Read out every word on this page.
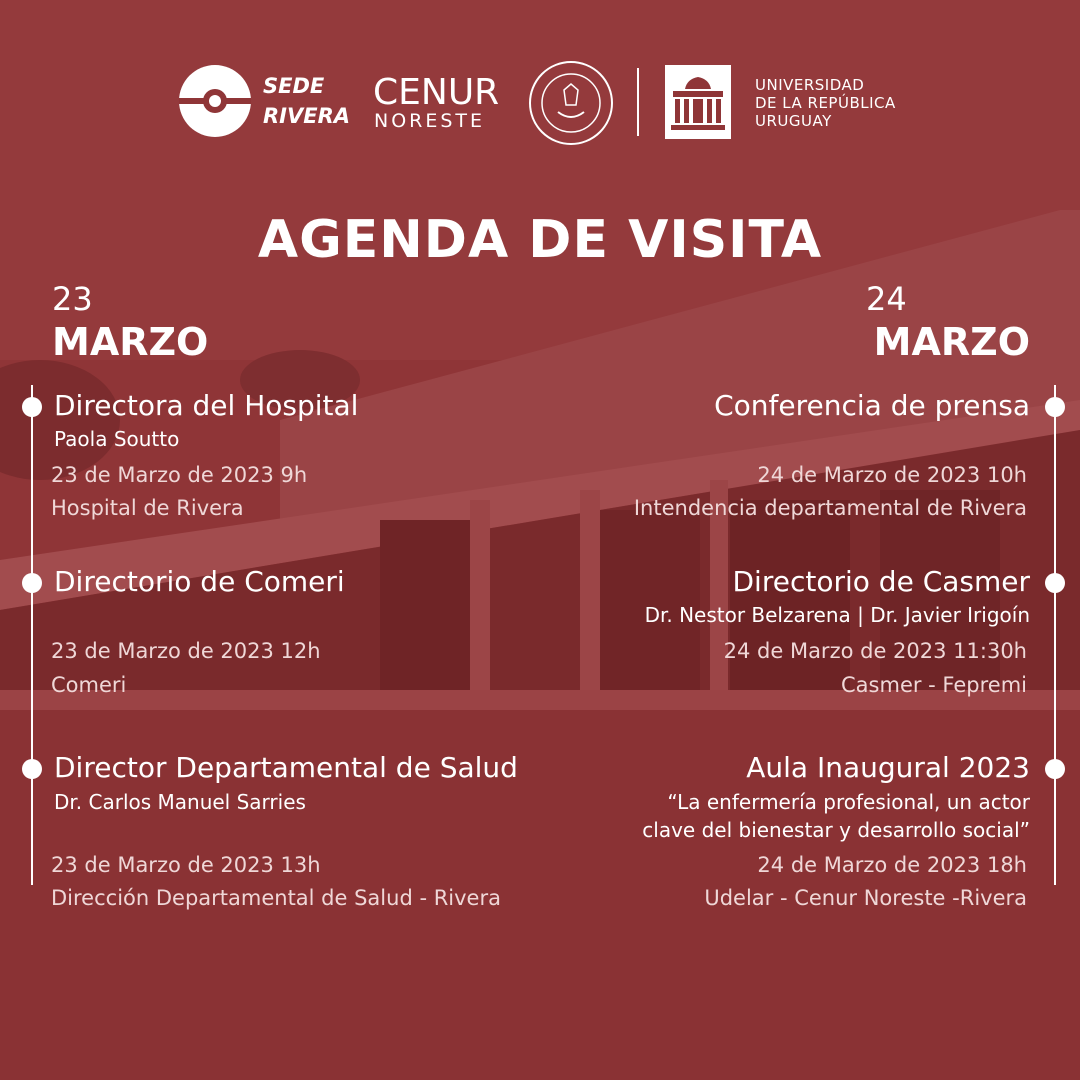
SEDE
RIVERA
CENUR
NORESTE
UNIVERSIDAD
DE LA REPÚBLICA
URUGUAY
AGENDA DE VISITA
23
MARZO
24
MARZO
Directora del Hospital
Paola Soutto
23 de Marzo de 2023 9h
Hospital de Rivera
Directorio de Comeri
23 de Marzo de 2023 12h
Comeri
Director Departamental de Salud
Dr. Carlos Manuel Sarries
23 de Marzo de 2023 13h
Dirección Departamental de Salud - Rivera
Conferencia de prensa
24 de Marzo de 2023 10h
Intendencia departamental de Rivera
Directorio de Casmer
Dr. Nestor Belzarena | Dr. Javier Irigoín
24 de Marzo de 2023 11:30h
Casmer - Fepremi
Aula Inaugural 2023
“La enfermería profesional, un actor
clave del bienestar y desarrollo social”
24 de Marzo de 2023 18h
Udelar - Cenur Noreste -Rivera
